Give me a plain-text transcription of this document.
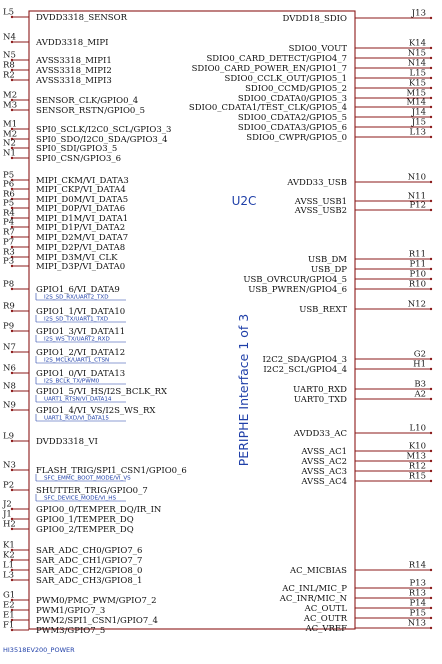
L5
DVDD3318_SENSOR
N4
AVDD3318_MIPI
N5
AVSS3318_MIPI1
R8
AVSS3318_MIPI2
R2
AVSS3318_MIPI3
M2
SENSOR_CLK/GPIO0_4
M3
SENSOR_RSTN/GPIO0_5
M1
SPI0_SCLK/I2C0_SCL/GPIO3_3
M2
SPI0_SDO/I2C0_SDA/GPIO3_4
N2
SPI0_SDI/GPIO3_5
N1
SPI0_CSN/GPIO3_6
P5
MIPI_CKM/VI_DATA3
P6
MIPI_CKP/VI_DATA4
R6
MIPI_D0M/VI_DATA5
P5
MIPI_D0P/VI_DATA6
R4
MIPI_D1M/VI_DATA1
P4
MIPI_D1P/VI_DATA2
R7
MIPI_D2M/VI_DATA7
P7
MIPI_D2P/VI_DATA8
R3
MIPI_D3M/VI_CLK
P3
MIPI_D3P/VI_DATA0
P8
GPIO1_6/VI_DATA9
I2S_SD_RX/UART2_TXD
R9
GPIO1_1/VI_DATA10
I2S_SD_TX/UART1_TXD
P9
GPIO1_3/VI_DATA11
I2S_WS_TX/UART2_RXD
N7
GPIO1_2/VI_DATA12
I2S_MCLK/UART1_CTSN
N6
GPIO1_0/VI_DATA13
I2S_BCLK_TX/PWM0
N8
GPIO1_5/VI_HS/I2S_BCLK_RX
UART1_RTSN/VI_DATA14
N9
GPIO1_4/VI_VS/I2S_WS_RX
UART1_RXD/VI_DATA15
L9
DVDD3318_VI
N3
FLASH_TRIG/SPI1_CSN1/GPIO0_6
SFC_EMMC_BOOT_MODE/VI_VS
P2
SHUTTER_TRIG/GPIO0_7
SFC_DEVICE_MODE/VI_HS
J2
GPIO0_0/TEMPER_DQ/IR_IN
J1
GPIO0_1/TEMPER_DQ
H2
GPIO0_2/TEMPER_DQ
K1
SAR_ADC_CH0/GPIO7_6
K2
SAR_ADC_CH1/GPIO7_7
L1
SAR_ADC_CH2/GPIO8_0
L3
SAR_ADC_CH3/GPIO8_1
G1
PWM0/PMC_PWM/GPIO7_2
E2
PWM1/GPIO7_3
E1
PWM2/SPI1_CSN1/GPIO7_4
F1
PWM3/GPIO7_5
J13
DVDD18_SDIO
K14
SDIO0_VOUT	N15
SDIO0_CARD_DETECT/GPIO4_7	N14
SDIO0_CARD_POWER_EN/GPIO1_7	L15
SDIO0_CCLK_OUT/GPIO5_1	K15
SDIO0_CCMD/GPIO5_2	M15
SDIO0_CDATA0/GPIO5_3	M14
SDIO0_CDATA1/TEST_CLK/GPIO5_4	J14
SDIO0_CDATA2/GPIO5_5	J15
SDIO0_CDATA3/GPIO5_6	L13
SDIO0_CWPR/GPIO5_0
N10
AVDD33_USB
N11
AVSS_USB1	P12
AVSS_USB2
R11
USB_DM	P11
USB_DP	P10
USB_OVRCUR/GPIO4_5	R10
USB_PWREN/GPIO4_6
N12
USB_REXT
G2
I2C2_SDA/GPIO4_3	H1
I2C2_SCL/GPIO4_4
B3
UART0_RXD	A2
UART0_TXD
L10
AVDD33_AC
K10
AVSS_AC1	M13
AVSS_AC2	R12
AVSS_AC3	R15
AVSS_AC4
R14
AC_MICBIAS
P13
AC_INL/MIC_P	R13
AC_INR/MIC_N	P14
AC_OUTL	P15
AC_OUTR	N13
AC_VREF
U2C
PERIPHE Interface 1 of 3
HI3518EV200_POWER
